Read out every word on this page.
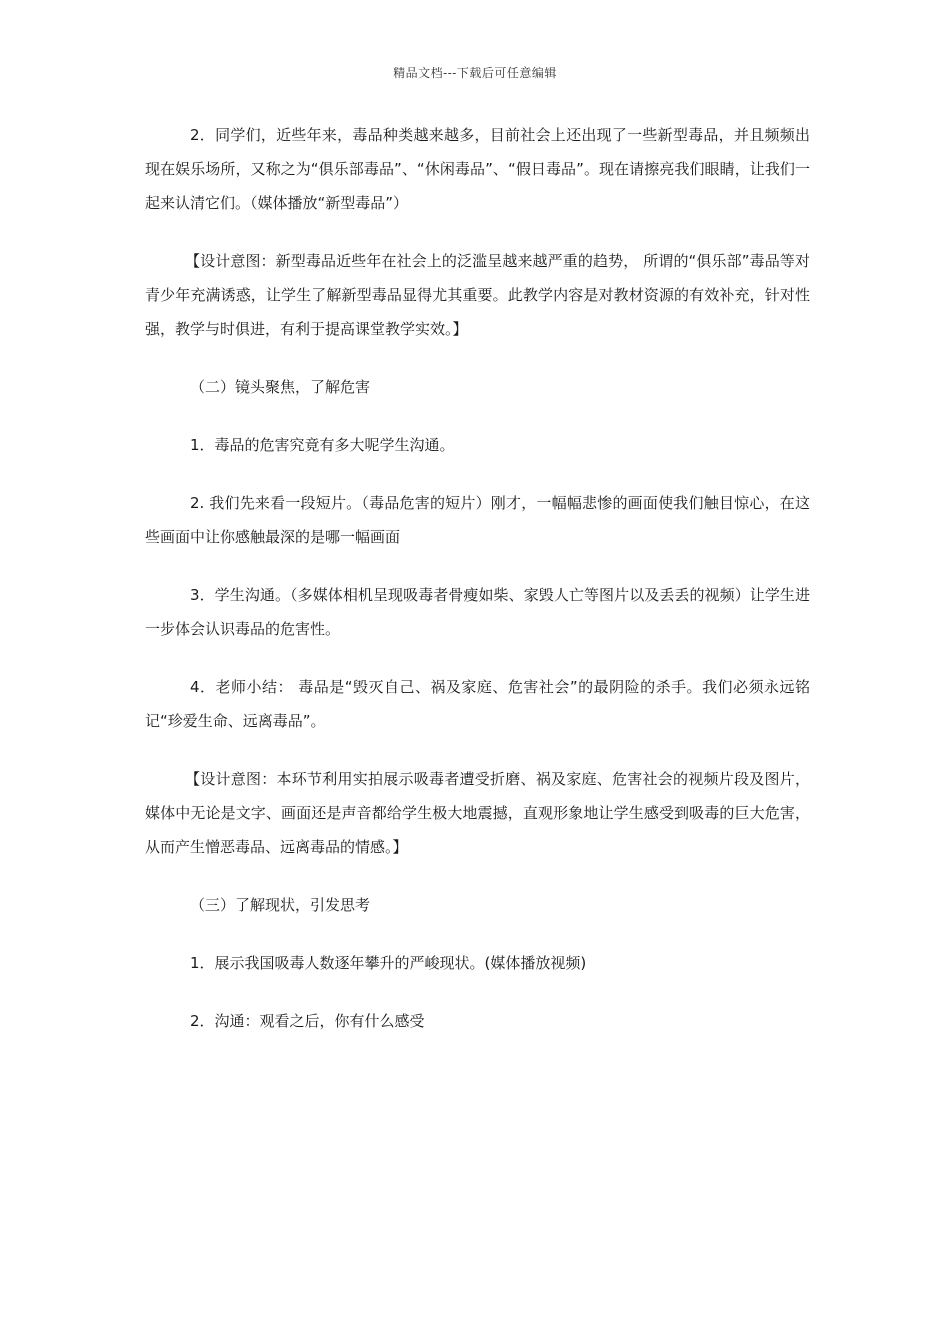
精品文档---下载后可任意编辑

2．同学们，近些年来，毒品种类越来越多，目前社会上还出现了一些新型毒品，并且频频出现在娱乐场所，又称之为“俱乐部毒品”、“休闲毒品”、“假日毒品”。现在请擦亮我们眼睛，让我们一起来认清它们。（媒体播放“新型毒品”）

【设计意图：新型毒品近些年在社会上的泛滥呈越来越严重的趋势， 所谓的“俱乐部”毒品等对青少年充满诱惑，让学生了解新型毒品显得尤其重要。此教学内容是对教材资源的有效补充，针对性强，教学与时俱进，有利于提高课堂教学实效。】

（二）镜头聚焦，了解危害

1．毒品的危害究竟有多大呢学生沟通。

2. 我们先来看一段短片。（毒品危害的短片）刚才，一幅幅悲惨的画面使我们触目惊心，在这些画面中让你感触最深的是哪一幅画面

3．学生沟通。（多媒体相机呈现吸毒者骨瘦如柴、家毁人亡等图片以及丢丢的视频）让学生进一步体会认识毒品的危害性。

4．老师小结： 毒品是“毁灭自己、祸及家庭、危害社会”的最阴险的杀手。我们必须永远铭记“珍爱生命、远离毒品”。

【设计意图：本环节利用实拍展示吸毒者遭受折磨、祸及家庭、危害社会的视频片段及图片，媒体中无论是文字、画面还是声音都给学生极大地震撼，直观形象地让学生感受到吸毒的巨大危害，从而产生憎恶毒品、远离毒品的情感。】

（三）了解现状，引发思考

1．展示我国吸毒人数逐年攀升的严峻现状。(媒体播放视频)

2．沟通：观看之后，你有什么感受
